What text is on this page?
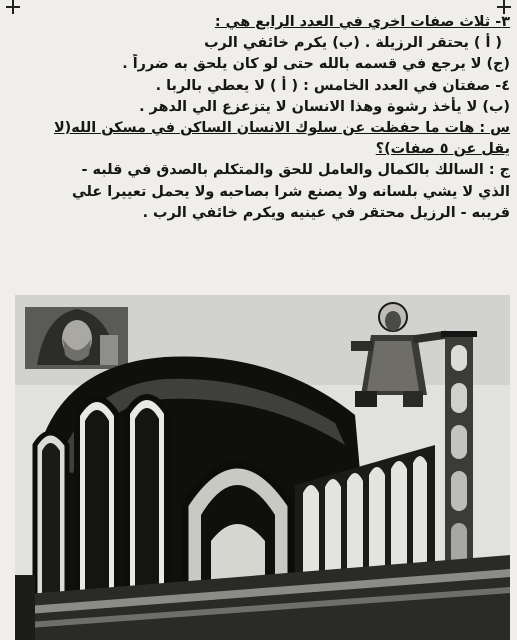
٣- ثلاث صفات اخري في العدد الرابع هي :
( أ ) يحتقر الرزيلة . (ب) يكرم خائفي الرب
(ج) لا يرجع في قسمه بالله حتى لو كان يلحق به ضرراً .
٤- صفتان في العدد الخامس : ( أ ) لا يعطي بالربا .
(ب) لا يأخذ رشوة وهذا الانسان لا يتزعزع الي الدهر .
س : هات ما حفظت عن سلوك الانسان الساكن في مسكن الله(لا
يقل عن ٥ صفات)؟
ج : السالك بالكمال والعامل للحق والمتكلم بالصدق في قلبه -
الذي لا يشي بلسانه ولا يصنع شرا بصاحبه ولا يحمل تعييرا علي
قريبه - الرزيل محتقر في عينيه ويكرم خائفي الرب .
